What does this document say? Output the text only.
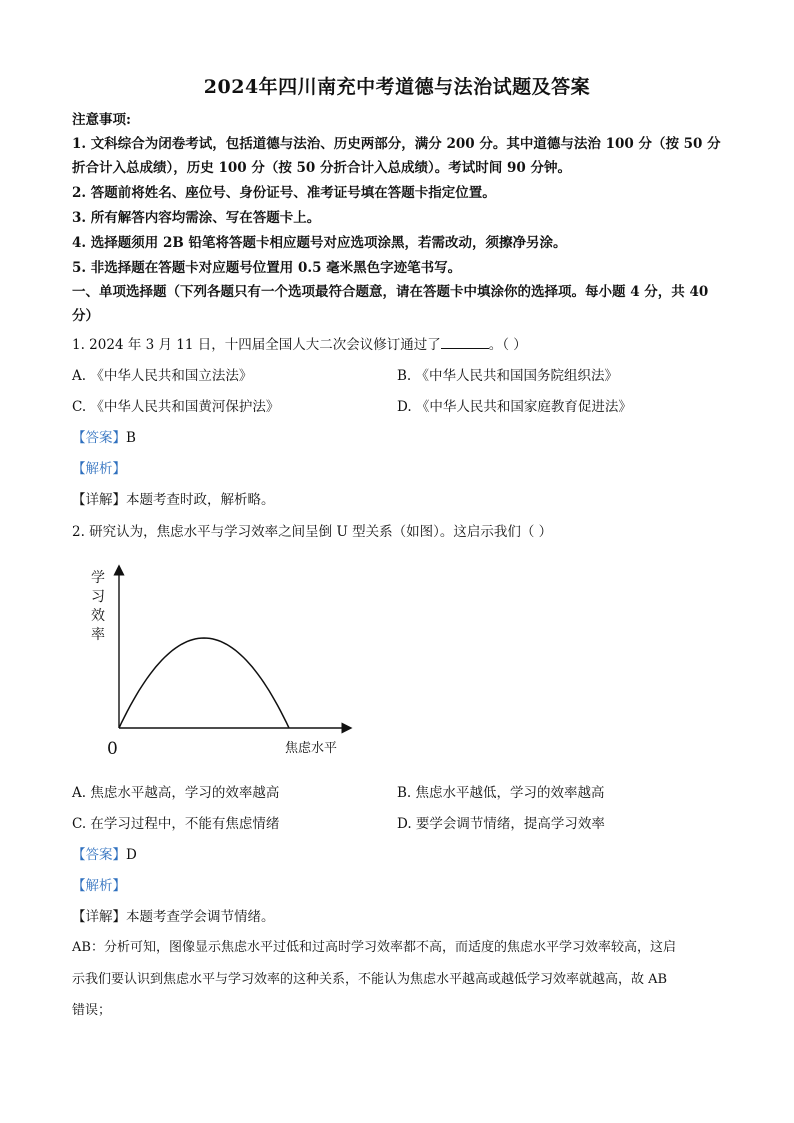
2024年四川南充中考道德与法治试题及答案
注意事项:
1. 文科综合为闭卷考试，包括道德与法治、历史两部分，满分 200 分。其中道德与法治 100 分（按 50 分
折合计入总成绩），历史 100 分（按 50 分折合计入总成绩）。考试时间 90 分钟。
2. 答题前将姓名、座位号、身份证号、准考证号填在答题卡指定位置。
3. 所有解答内容均需涂、写在答题卡上。
4. 选择题须用 2B 铅笔将答题卡相应题号对应选项涂黑，若需改动，须擦净另涂。
5. 非选择题在答题卡对应题号位置用 0.5 毫米黑色字迹笔书写。
一、单项选择题（下列各题只有一个选项最符合题意，请在答题卡中填涂你的选择项。每小题 4 分，共 40
分）
1. 2024 年 3 月 11 日，十四届全国人大二次会议修订通过了	。（ ）
A. 《中华人民共和国立法法》	B. 《中华人民共和国国务院组织法》
C. 《中华人民共和国黄河保护法》	D. 《中华人民共和国家庭教育促进法》
【答案】B
【解析】
【详解】本题考查时政，解析略。
2. 研究认为，焦虑水平与学习效率之间呈倒 U 型关系（如图）。这启示我们（ ）
学
习
效
率
焦虑水平
0
A. 焦虑水平越高，学习的效率越高	B. 焦虑水平越低，学习的效率越高
C. 在学习过程中，不能有焦虑情绪	D. 要学会调节情绪，提高学习效率
【答案】D
【解析】
【详解】本题考查学会调节情绪。
AB：分析可知，图像显示焦虑水平过低和过高时学习效率都不高，而适度的焦虑水平学习效率较高，这启
示我们要认识到焦虑水平与学习效率的这种关系，不能认为焦虑水平越高或越低学习效率就越高，故 AB
错误；
